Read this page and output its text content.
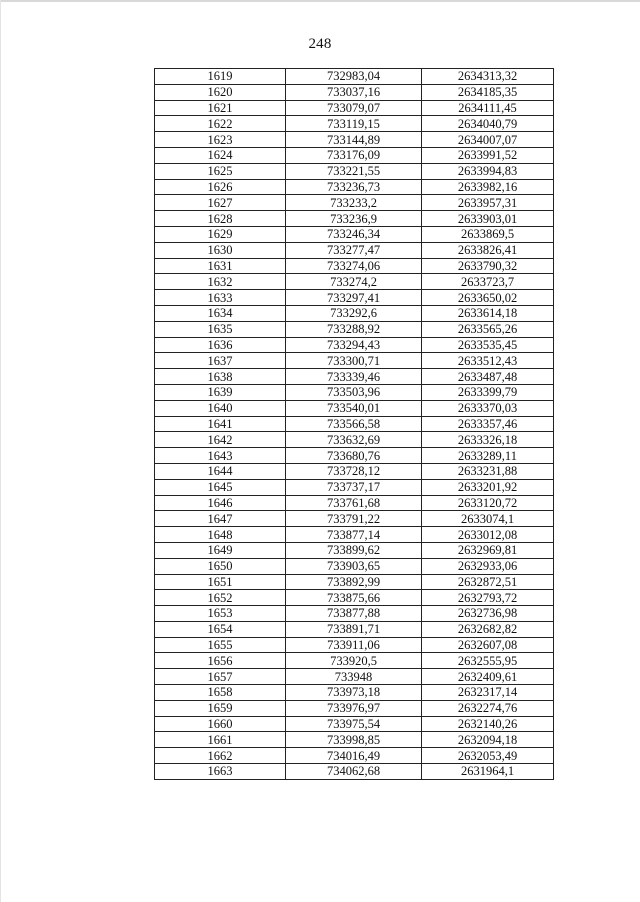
248
1619	732983,04	2634313,32
1620	733037,16	2634185,35
1621	733079,07	2634111,45
1622	733119,15	2634040,79
1623	733144,89	2634007,07
1624	733176,09	2633991,52
1625	733221,55	2633994,83
1626	733236,73	2633982,16
1627	733233,2	2633957,31
1628	733236,9	2633903,01
1629	733246,34	2633869,5
1630	733277,47	2633826,41
1631	733274,06	2633790,32
1632	733274,2	2633723,7
1633	733297,41	2633650,02
1634	733292,6	2633614,18
1635	733288,92	2633565,26
1636	733294,43	2633535,45
1637	733300,71	2633512,43
1638	733339,46	2633487,48
1639	733503,96	2633399,79
1640	733540,01	2633370,03
1641	733566,58	2633357,46
1642	733632,69	2633326,18
1643	733680,76	2633289,11
1644	733728,12	2633231,88
1645	733737,17	2633201,92
1646	733761,68	2633120,72
1647	733791,22	2633074,1
1648	733877,14	2633012,08
1649	733899,62	2632969,81
1650	733903,65	2632933,06
1651	733892,99	2632872,51
1652	733875,66	2632793,72
1653	733877,88	2632736,98
1654	733891,71	2632682,82
1655	733911,06	2632607,08
1656	733920,5	2632555,95
1657	733948	2632409,61
1658	733973,18	2632317,14
1659	733976,97	2632274,76
1660	733975,54	2632140,26
1661	733998,85	2632094,18
1662	734016,49	2632053,49
1663	734062,68	2631964,1
